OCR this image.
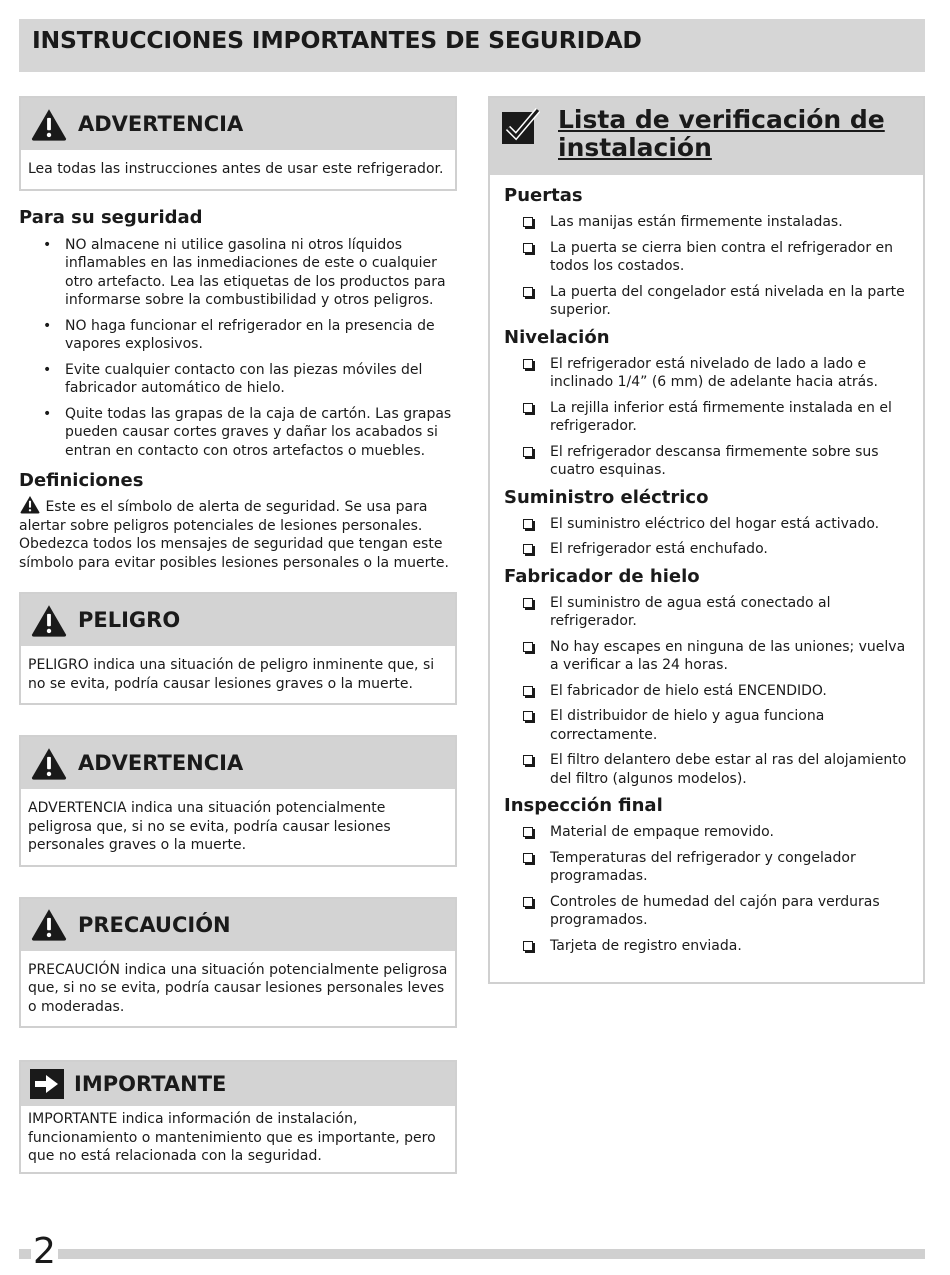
INSTRUCCIONES IMPORTANTES DE SEGURIDAD
ADVERTENCIA
Lea todas las instrucciones antes de usar este refrigerador.
Para su seguridad
• NO almacene ni utilice gasolina ni otros líquidos inflamables en las inmediaciones de este o cualquier otro artefacto. Lea las etiquetas de los productos para informarse sobre la combustibilidad y otros peligros.
• NO haga funcionar el refrigerador en la presencia de vapores explosivos.
• Evite cualquier contacto con las piezas móviles del fabricador automático de hielo.
• Quite todas las grapas de la caja de cartón. Las grapas pueden causar cortes graves y dañar los acabados si entran en contacto con otros artefactos o muebles.
Definiciones

Este es el símbolo de alerta de seguridad. Se usa para alertar sobre peligros potenciales de lesiones personales. Obedezca todos los mensajes de seguridad que tengan este símbolo para evitar posibles lesiones personales o la muerte.

PELIGRO
PELIGRO indica una situación de peligro inminente que, si no se evita, podría causar lesiones graves o la muerte.
ADVERTENCIA
ADVERTENCIA indica una situación potencialmente peligrosa que, si no se evita, podría causar lesiones personales graves o la muerte.
PRECAUCIÓN
PRECAUCIÓN indica una situación potencialmente peligrosa que, si no se evita, podría causar lesiones personales leves o moderadas.
IMPORTANTE
IMPORTANTE indica información de instalación, funcionamiento o mantenimiento que es importante, pero que no está relacionada con la seguridad.
Lista de verificación de
instalación
Puertas
Las manijas están firmemente instaladas.
La puerta se cierra bien contra el refrigerador en todos los costados.
La puerta del congelador está nivelada en la parte superior.
Nivelación
El refrigerador está nivelado de lado a lado e inclinado 1/4” (6 mm) de adelante hacia atrás.
La rejilla inferior está firmemente instalada en el refrigerador.
El refrigerador descansa firmemente sobre sus cuatro esquinas.
Suministro eléctrico
El suministro eléctrico del hogar está activado.
El refrigerador está enchufado.
Fabricador de hielo
El suministro de agua está conectado al refrigerador.
No hay escapes en ninguna de las uniones; vuelva a verificar a las 24 horas.
El fabricador de hielo está ENCENDIDO.
El distribuidor de hielo y agua funciona correctamente.
El filtro delantero debe estar al ras del alojamiento del filtro (algunos modelos).
Inspección final
Material de empaque removido.
Temperaturas del refrigerador y congelador programadas.
Controles de humedad del cajón para verduras programados.
Tarjeta de registro enviada.
2
